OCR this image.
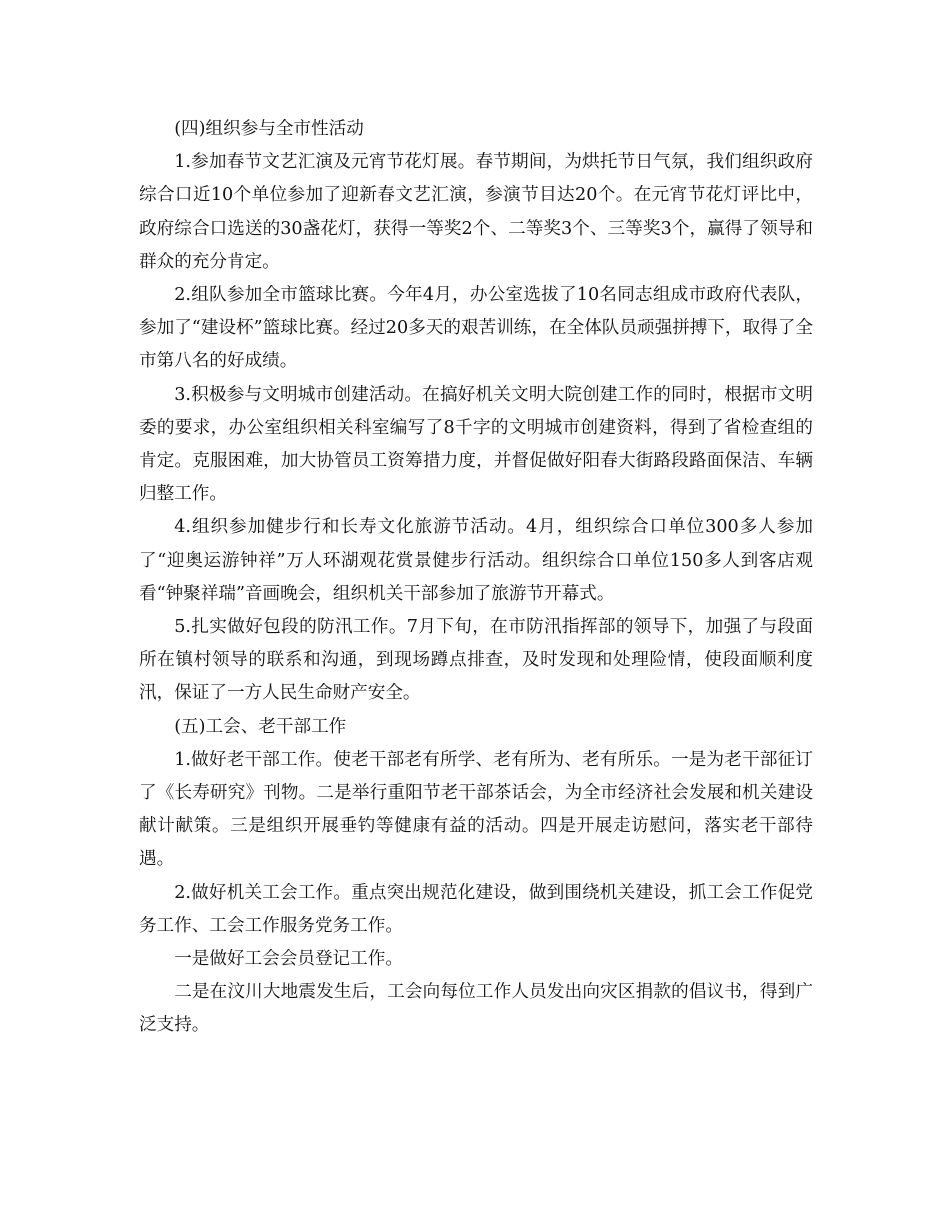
(四)组织参与全市性活动

1.参加春节文艺汇演及元宵节花灯展。春节期间，为烘托节日气氛，我们组织政府综合口近10个单位参加了迎新春文艺汇演，参演节目达20个。在元宵节花灯评比中，政府综合口选送的30盏花灯，获得一等奖2个、二等奖3个、三等奖3个，赢得了领导和群众的充分肯定。

2.组队参加全市篮球比赛。今年4月，办公室选拔了10名同志组成市政府代表队，参加了“建设杯”篮球比赛。经过20多天的艰苦训练，在全体队员顽强拼搏下，取得了全市第八名的好成绩。

3.积极参与文明城市创建活动。在搞好机关文明大院创建工作的同时，根据市文明委的要求，办公室组织相关科室编写了8千字的文明城市创建资料，得到了省检查组的肯定。克服困难，加大协管员工资筹措力度，并督促做好阳春大街路段路面保洁、车辆归整工作。

4.组织参加健步行和长寿文化旅游节活动。4月，组织综合口单位300多人参加了“迎奥运游钟祥”万人环湖观花赏景健步行活动。组织综合口单位150多人到客店观看“钟聚祥瑞”音画晚会，组织机关干部参加了旅游节开幕式。

5.扎实做好包段的防汛工作。7月下旬，在市防汛指挥部的领导下，加强了与段面所在镇村领导的联系和沟通，到现场蹲点排查，及时发现和处理险情，使段面顺利度汛，保证了一方人民生命财产安全。

(五)工会、老干部工作

1.做好老干部工作。使老干部老有所学、老有所为、老有所乐。一是为老干部征订了《长寿研究》刊物。二是举行重阳节老干部茶话会，为全市经济社会发展和机关建设献计献策。三是组织开展垂钓等健康有益的活动。四是开展走访慰问，落实老干部待遇。

2.做好机关工会工作。重点突出规范化建设，做到围绕机关建设，抓工会工作促党务工作、工会工作服务党务工作。

一是做好工会会员登记工作。

二是在汶川大地震发生后，工会向每位工作人员发出向灾区捐款的倡议书，得到广泛支持。
